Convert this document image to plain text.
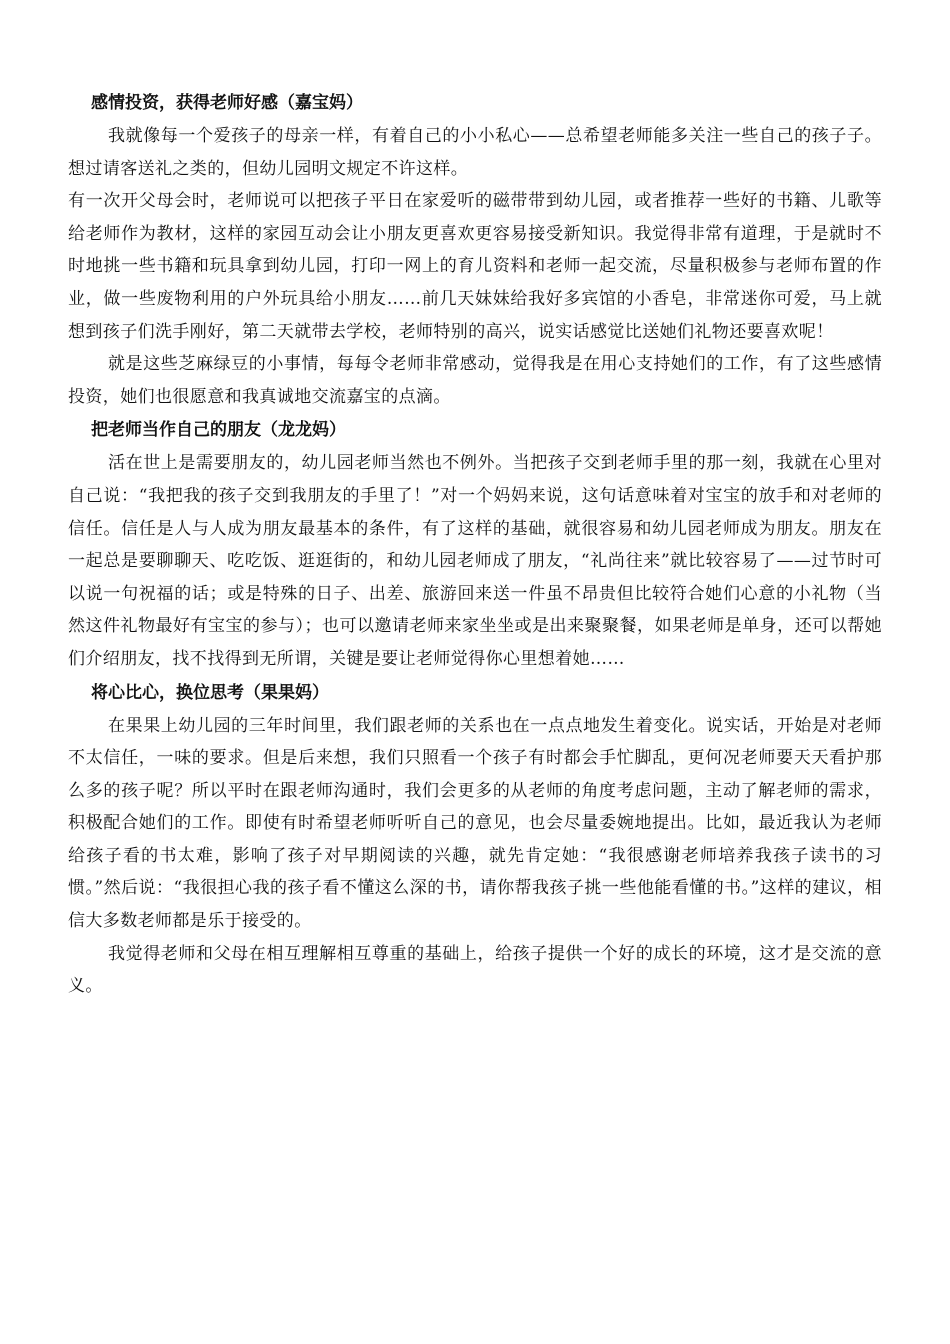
感情投资，获得老师好感（嘉宝妈）

我就像每一个爱孩子的母亲一样，有着自己的小小私心——总希望老师能多关注一些自己的孩子子。想过请客送礼之类的，但幼儿园明文规定不许这样。

有一次开父母会时，老师说可以把孩子平日在家爱听的磁带带到幼儿园，或者推荐一些好的书籍、儿歌等给老师作为教材，这样的家园互动会让小朋友更喜欢更容易接受新知识。我觉得非常有道理，于是就时不时地挑一些书籍和玩具拿到幼儿园，打印一网上的育儿资料和老师一起交流，尽量积极参与老师布置的作业，做一些废物利用的户外玩具给小朋友……前几天妹妹给我好多宾馆的小香皂，非常迷你可爱，马上就想到孩子们洗手刚好，第二天就带去学校，老师特别的高兴，说实话感觉比送她们礼物还要喜欢呢！

就是这些芝麻绿豆的小事情，每每令老师非常感动，觉得我是在用心支持她们的工作，有了这些感情投资，她们也很愿意和我真诚地交流嘉宝的点滴。

把老师当作自己的朋友（龙龙妈）

活在世上是需要朋友的，幼儿园老师当然也不例外。当把孩子交到老师手里的那一刻，我就在心里对自己说：“我把我的孩子交到我朋友的手里了！”对一个妈妈来说，这句话意味着对宝宝的放手和对老师的信任。信任是人与人成为朋友最基本的条件，有了这样的基础，就很容易和幼儿园老师成为朋友。朋友在一起总是要聊聊天、吃吃饭、逛逛街的，和幼儿园老师成了朋友，“礼尚往来”就比较容易了——过节时可以说一句祝福的话；或是特殊的日子、出差、旅游回来送一件虽不昂贵但比较符合她们心意的小礼物（当然这件礼物最好有宝宝的参与）；也可以邀请老师来家坐坐或是出来聚聚餐，如果老师是单身，还可以帮她们介绍朋友，找不找得到无所谓，关键是要让老师觉得你心里想着她……

将心比心，换位思考（果果妈）

在果果上幼儿园的三年时间里，我们跟老师的关系也在一点点地发生着变化。说实话，开始是对老师不太信任，一味的要求。但是后来想，我们只照看一个孩子有时都会手忙脚乱，更何况老师要天天看护那么多的孩子呢？所以平时在跟老师沟通时，我们会更多的从老师的角度考虑问题，主动了解老师的需求，积极配合她们的工作。即使有时希望老师听听自己的意见，也会尽量委婉地提出。比如，最近我认为老师给孩子看的书太难，影响了孩子对早期阅读的兴趣，就先肯定她：“我很感谢老师培养我孩子读书的习惯。”然后说：“我很担心我的孩子看不懂这么深的书，请你帮我孩子挑一些他能看懂的书。”这样的建议，相信大多数老师都是乐于接受的。

我觉得老师和父母在相互理解相互尊重的基础上，给孩子提供一个好的成长的环境，这才是交流的意义。
